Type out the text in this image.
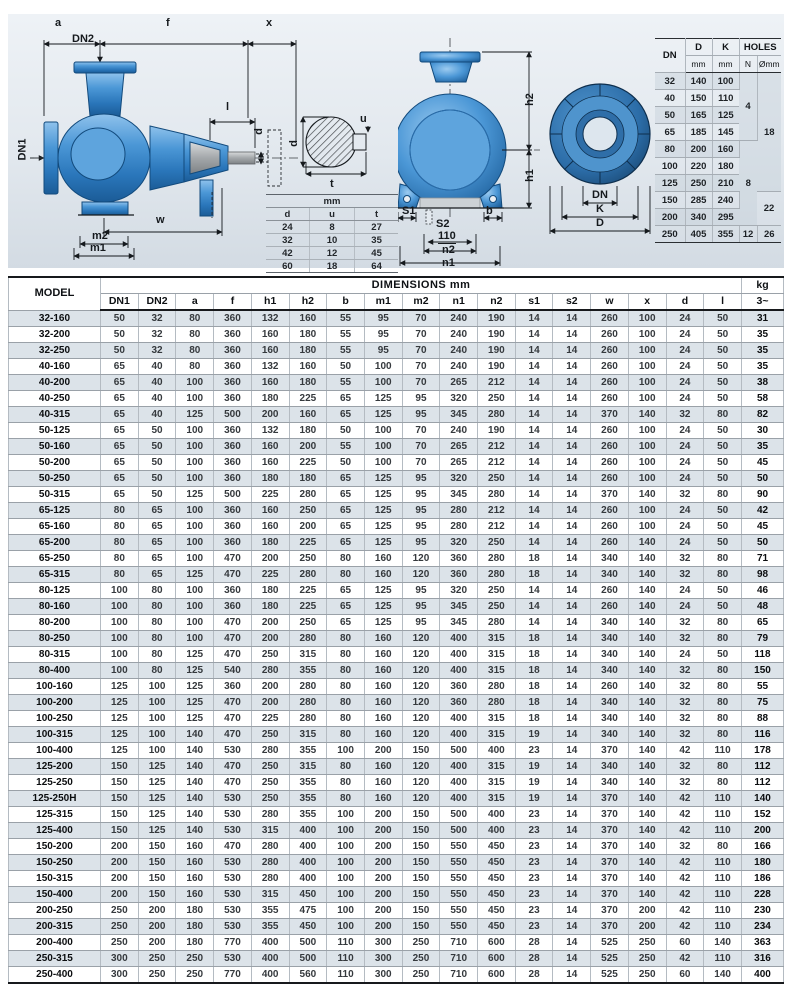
a	f	x
DN2
DN1
l
d
w
m2
m1
d
u
t
h2
h1
S1	b
S2
110
n2
n1
DN
K
D
mm		
d	u	t
24	8	27
32	10	35
42	12	45
60	18	64
DN	D	K	HOLES	
	mm	mm	N	Ømm
32	140	100	4	18
40	150	110		
50	165	125		
65	185	145		
80	200	160	8	
100	220	180		
125	250	210		
150	285	240		22
200	340	295		
250	405	355	12	26
MODEL	DIMENSIONS mm																	kg
	DN1	DN2	a	f	h1	h2	b	m1	m2	n1	n2	s1	s2	w	x	d	l	3~
32-160	50	32	80	360	132	160	55	95	70	240	190	14	14	260	100	24	50	31
32-200	50	32	80	360	160	180	55	95	70	240	190	14	14	260	100	24	50	35
32-250	50	32	80	360	160	180	55	95	70	240	190	14	14	260	100	24	50	35
40-160	65	40	80	360	132	160	50	100	70	240	190	14	14	260	100	24	50	35
40-200	65	40	100	360	160	180	55	100	70	265	212	14	14	260	100	24	50	38
40-250	65	40	100	360	180	225	65	125	95	320	250	14	14	260	100	24	50	58
40-315	65	40	125	500	200	160	65	125	95	345	280	14	14	370	140	32	80	82
50-125	65	50	100	360	132	180	50	100	70	240	190	14	14	260	100	24	50	30
50-160	65	50	100	360	160	200	55	100	70	265	212	14	14	260	100	24	50	35
50-200	65	50	100	360	160	225	50	100	70	265	212	14	14	260	100	24	50	45
50-250	65	50	100	360	180	180	65	125	95	320	250	14	14	260	100	24	50	50
50-315	65	50	125	500	225	280	65	125	95	345	280	14	14	370	140	32	80	90
65-125	80	65	100	360	160	250	65	125	95	280	212	14	14	260	100	24	50	42
65-160	80	65	100	360	160	200	65	125	95	280	212	14	14	260	100	24	50	45
65-200	80	65	100	360	180	225	65	125	95	320	250	14	14	260	140	24	50	50
65-250	80	65	100	470	200	250	80	160	120	360	280	18	14	340	140	32	80	71
65-315	80	65	125	470	225	280	80	160	120	360	280	18	14	340	140	32	80	98
80-125	100	80	100	360	180	225	65	125	95	320	250	14	14	260	140	24	50	46
80-160	100	80	100	360	180	225	65	125	95	345	250	14	14	260	140	24	50	48
80-200	100	80	100	470	200	250	65	125	95	345	280	14	14	340	140	32	80	65
80-250	100	80	100	470	200	280	80	160	120	400	315	18	14	340	140	32	80	79
80-315	100	80	125	470	250	315	80	160	120	400	315	18	14	340	140	24	50	118
80-400	100	80	125	540	280	355	80	160	120	400	315	18	14	340	140	32	80	150
100-160	125	100	125	360	200	280	80	160	120	360	280	18	14	260	140	32	80	55
100-200	125	100	125	470	200	280	80	160	120	360	280	18	14	340	140	32	80	75
100-250	125	100	125	470	225	280	80	160	120	400	315	18	14	340	140	32	80	88
100-315	125	100	140	470	250	315	80	160	120	400	315	19	14	340	140	32	80	116
100-400	125	100	140	530	280	355	100	200	150	500	400	23	14	370	140	42	110	178
125-200	150	125	140	470	250	315	80	160	120	400	315	19	14	340	140	32	80	112
125-250	150	125	140	470	250	355	80	160	120	400	315	19	14	340	140	32	80	112
125-250H	150	125	140	530	250	355	80	160	120	400	315	19	14	370	140	42	110	140
125-315	150	125	140	530	280	355	100	200	150	500	400	23	14	370	140	42	110	152
125-400	150	125	140	530	315	400	100	200	150	500	400	23	14	370	140	42	110	200
150-200	200	150	160	470	280	400	100	200	150	550	450	23	14	370	140	32	80	166
150-250	200	150	160	530	280	400	100	200	150	550	450	23	14	370	140	42	110	180
150-315	200	150	160	530	280	400	100	200	150	550	450	23	14	370	140	42	110	186
150-400	200	150	160	530	315	450	100	200	150	550	450	23	14	370	140	42	110	228
200-250	250	200	180	530	355	475	100	200	150	550	450	23	14	370	200	42	110	230
200-315	250	200	180	530	355	450	100	200	150	550	450	23	14	370	200	42	110	234
200-400	250	200	180	770	400	500	110	300	250	710	600	28	14	525	250	60	140	363
250-315	300	250	250	530	400	500	110	300	250	710	600	28	14	525	250	42	110	316
250-400	300	250	250	770	400	560	110	300	250	710	600	28	14	525	250	60	140	400
